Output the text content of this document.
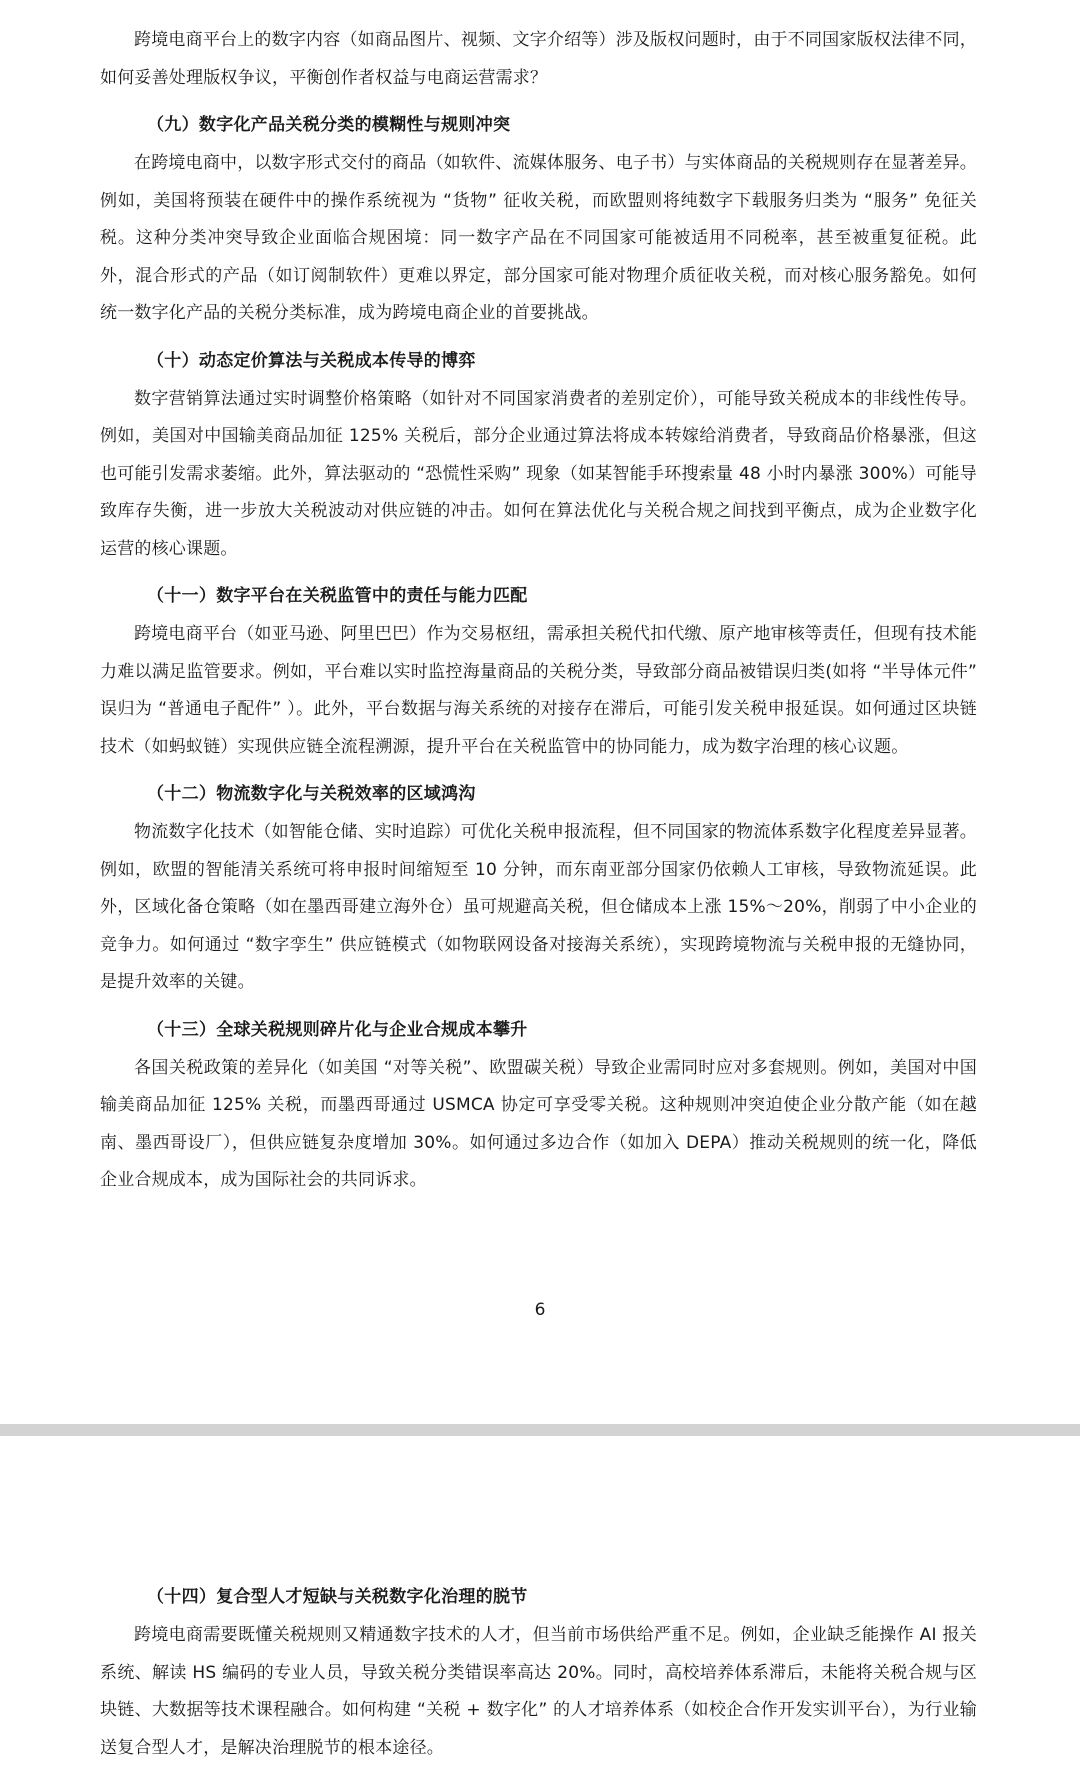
跨境电商平台上的数字内容（如商品图片、视频、文字介绍等）涉及版权问题时，由于不同国家版权法律不同，如何妥善处理版权争议，平衡创作者权益与电商运营需求？

（九）数字化产品关税分类的模糊性与规则冲突

在跨境电商中，以数字形式交付的商品（如软件、流媒体服务、电子书）与实体商品的关税规则存在显著差异。例如，美国将预装在硬件中的操作系统视为 “货物” 征收关税，而欧盟则将纯数字下载服务归类为 “服务” 免征关税。这种分类冲突导致企业面临合规困境：同一数字产品在不同国家可能被适用不同税率，甚至被重复征税。此外，混合形式的产品（如订阅制软件）更难以界定，部分国家可能对物理介质征收关税，而对核心服务豁免。如何统一数字化产品的关税分类标准，成为跨境电商企业的首要挑战。

（十）动态定价算法与关税成本传导的博弈

数字营销算法通过实时调整价格策略（如针对不同国家消费者的差别定价），可能导致关税成本的非线性传导。例如，美国对中国输美商品加征 125% 关税后，部分企业通过算法将成本转嫁给消费者，导致商品价格暴涨，但这也可能引发需求萎缩。此外，算法驱动的 “恐慌性采购” 现象（如某智能手环搜索量 48 小时内暴涨 300%）可能导致库存失衡，进一步放大关税波动对供应链的冲击。如何在算法优化与关税合规之间找到平衡点，成为企业数字化运营的核心课题。

（十一）数字平台在关税监管中的责任与能力匹配

跨境电商平台（如亚马逊、阿里巴巴）作为交易枢纽，需承担关税代扣代缴、原产地审核等责任，但现有技术能力难以满足监管要求。例如，平台难以实时监控海量商品的关税分类，导致部分商品被错误归类(如将 “半导体元件” 误归为 “普通电子配件” ）。此外，平台数据与海关系统的对接存在滞后，可能引发关税申报延误。如何通过区块链技术（如蚂蚁链）实现供应链全流程溯源，提升平台在关税监管中的协同能力，成为数字治理的核心议题。

（十二）物流数字化与关税效率的区域鸿沟

物流数字化技术（如智能仓储、实时追踪）可优化关税申报流程，但不同国家的物流体系数字化程度差异显著。例如，欧盟的智能清关系统可将申报时间缩短至 10 分钟，而东南亚部分国家仍依赖人工审核，导致物流延误。此外，区域化备仓策略（如在墨西哥建立海外仓）虽可规避高关税，但仓储成本上涨 15%～20%，削弱了中小企业的竞争力。如何通过 “数字孪生” 供应链模式（如物联网设备对接海关系统），实现跨境物流与关税申报的无缝协同，是提升效率的关键。

（十三）全球关税规则碎片化与企业合规成本攀升

各国关税政策的差异化（如美国 “对等关税”、欧盟碳关税）导致企业需同时应对多套规则。例如，美国对中国输美商品加征 125% 关税，而墨西哥通过 USMCA 协定可享受零关税。这种规则冲突迫使企业分散产能（如在越南、墨西哥设厂），但供应链复杂度增加 30%。如何通过多边合作（如加入 DEPA）推动关税规则的统一化，降低企业合规成本，成为国际社会的共同诉求。

6
（十四）复合型人才短缺与关税数字化治理的脱节

跨境电商需要既懂关税规则又精通数字技术的人才，但当前市场供给严重不足。例如，企业缺乏能操作 AI 报关系统、解读 HS 编码的专业人员，导致关税分类错误率高达 20%。同时，高校培养体系滞后，未能将关税合规与区块链、大数据等技术课程融合。如何构建 “关税 + 数字化” 的人才培养体系（如校企合作开发实训平台），为行业输送复合型人才，是解决治理脱节的根本途径。
